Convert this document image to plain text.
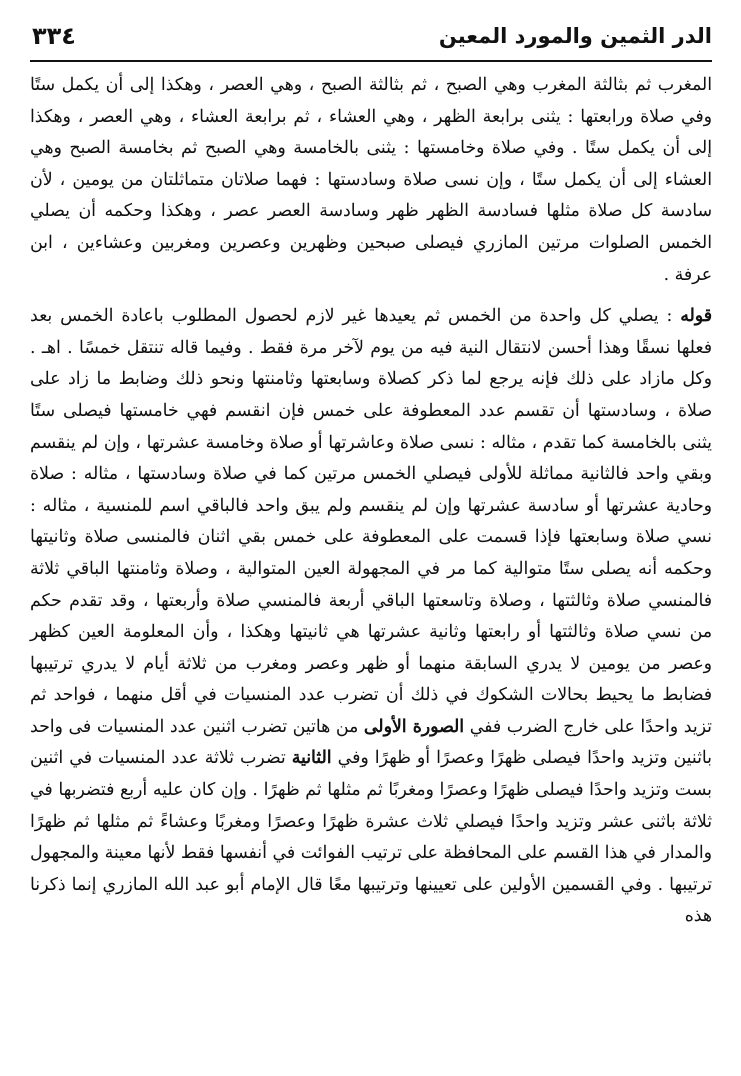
الدر الثمين والمورد المعين
٣٣٤

المغرب ثم بثالثة المغرب وهي الصبح ، ثم بثالثة الصبح ، وهي العصر ، وهكذا إلى أن يكمل ستًا وفي صلاة ورابعتها : يثنى برابعة الظهر ، وهي العشاء ، ثم برابعة العشاء ، وهي العصر ، وهكذا إلى أن يكمل ستًا . وفي صلاة وخامستها : يثنى بالخامسة وهي الصبح ثم بخامسة الصبح وهي العشاء إلى أن يكمل ستًا ، وإن نسى صلاة وسادستها : فهما صلاتان متماثلتان من يومين ، لأن سادسة كل صلاة مثلها فسادسة الظهر ظهر وسادسة العصر عصر ، وهكذا وحكمه أن يصلي الخمس الصلوات مرتين المازري فيصلى صبحين وظهرين وعصرين ومغربين وعشاءين ، ابن عرفة .

قوله : يصلي كل واحدة من الخمس ثم يعيدها غير لازم لحصول المطلوب باعادة الخمس بعد فعلها نسقًا وهذا أحسن لانتقال النية فيه من يوم لآخر مرة فقط . وفيما قاله تنتقل خمسًا . اهـ . وكل مازاد على ذلك فإنه يرجع لما ذكر كصلاة وسابعتها وثامنتها ونحو ذلك وضابط ما زاد على صلاة ، وسادستها أن تقسم عدد المعطوفة على خمس فإن انقسم فهي خامستها فيصلى ستًا يثنى بالخامسة كما تقدم ، مثاله : نسى صلاة وعاشرتها أو صلاة وخامسة عشرتها ، وإن لم ينقسم وبقي واحد فالثانية مماثلة للأولى فيصلي الخمس مرتين كما في صلاة وسادستها ، مثاله : صلاة وحادية عشرتها أو سادسة عشرتها وإن لم ينقسم ولم يبق واحد فالباقي اسم للمنسية ، مثاله : نسي صلاة وسابعتها فإذا قسمت على المعطوفة على خمس بقي اثنان فالمنسى صلاة وثانيتها وحكمه أنه يصلى ستًا متوالية كما مر في المجهولة العين المتوالية ، وصلاة وثامنتها الباقي ثلاثة فالمنسي صلاة وثالثتها ، وصلاة وتاسعتها الباقي أربعة فالمنسي صلاة وأربعتها ، وقد تقدم حكم من نسي صلاة وثالثتها أو رابعتها وثانية عشرتها هي ثانيتها وهكذا ، وأن المعلومة العين كظهر وعصر من يومين لا يدري السابقة منهما أو ظهر وعصر ومغرب من ثلاثة أيام لا يدري ترتيبها فضابط ما يحيط بحالات الشكوك في ذلك أن تضرب عدد المنسيات في أقل منهما ، فواحد ثم تزيد واحدًا على خارج الضرب ففي الصورة الأولى من هاتين تضرب اثنين عدد المنسيات فى واحد باثنين وتزيد واحدًا فيصلى ظهرًا وعصرًا أو ظهرًا وفي الثانية تضرب ثلاثة عدد المنسيات في اثنين بست وتزيد واحدًا فيصلى ظهرًا وعصرًا ومغربًا ثم مثلها ثم ظهرًا . وإن كان عليه أربع فتضربها في ثلاثة باثنى عشر وتزيد واحدًا فيصلي ثلاث عشرة ظهرًا وعصرًا ومغربًا وعشاءً ثم مثلها ثم ظهرًا والمدار في هذا القسم على المحافظة على ترتيب الفوائت في أنفسها فقط لأنها معينة والمجهول ترتيبها . وفي القسمين الأولين على تعيينها وترتيبها معًا قال الإمام أبو عبد الله المازري إنما ذكرنا هذه
